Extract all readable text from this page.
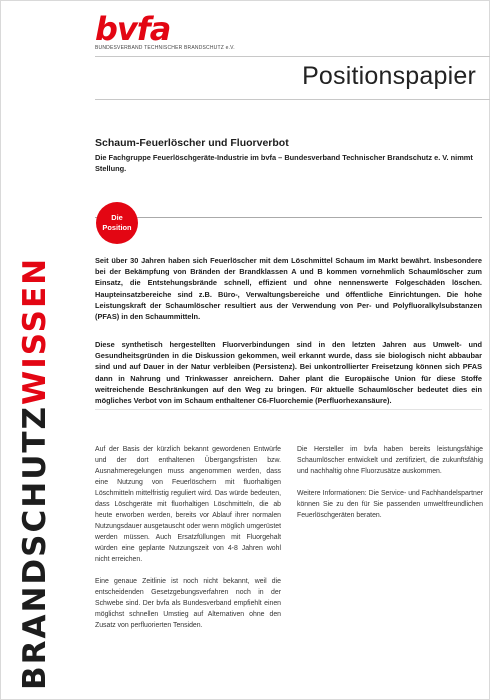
bvfa
BUNDESVERBAND TECHNISCHER BRANDSCHUTZ e.V.
Positionspapier
BRANDSCHUTZWISSEN
Schaum-Feuerlöscher und Fluorverbot
Die Fachgruppe Feuerlöschgeräte-Industrie im bvfa – Bundesverband Technischer Brandschutz e. V. nimmt Stellung.
Die
Position
Seit über 30 Jahren haben sich Feuerlöscher mit dem Löschmittel Schaum im Markt bewährt. Insbesondere bei der Bekämpfung von Bränden der Brandklassen A und B kommen vornehmlich Schaumlöscher zum Einsatz, die Entstehungsbrände schnell, effizient und ohne nennenswerte Folgeschäden löschen. Haupteinsatzbereiche sind z.B. Büro-, Verwaltungsbereiche und öffentliche Einrichtungen. Die hohe Leistungskraft der Schaumlöscher resultiert aus der Verwendung von Per- und Polyfluoralkylsubstanzen (PFAS) in den Schaummitteln.
Diese synthetisch hergestellten Fluorverbindungen sind in den letzten Jahren aus Umwelt- und Gesundheitsgründen in die Diskussion gekommen, weil erkannt wurde, dass sie biologisch nicht abbaubar sind und auf Dauer in der Natur verbleiben (Persistenz). Bei unkontrollierter Freisetzung können sich PFAS dann in Nahrung und Trinkwasser anreichern. Daher plant die Europäische Union für diese Stoffe weitreichende Beschränkungen auf den Weg zu bringen. Für aktuelle Schaumlöscher bedeutet dies ein mögliches Verbot von im Schaum enthaltener C6-Fluorchemie (Perfluorhexansäure).

Auf der Basis der kürzlich bekannt gewordenen Entwürfe und der dort enthaltenen Übergangsfristen bzw. Ausnahmeregelungen muss angenommen werden, dass eine Nutzung von Feuerlöschern mit fluorhaltigen Löschmitteln mittelfristig reguliert wird. Das würde bedeuten, dass Löschgeräte mit fluorhaltigen Löschmitteln, die ab heute erworben werden, bereits vor Ablauf ihrer normalen Nutzungsdauer ausgetauscht oder wenn möglich umgerüstet werden müssen. Auch Ersatzfüllungen mit Fluorgehalt würden eine geplante Nutzungszeit von 4-8 Jahren wohl nicht erreichen.

Eine genaue Zeitlinie ist noch nicht bekannt, weil die entscheidenden Gesetzgebungsverfahren noch in der Schwebe sind. Der bvfa als Bundesverband empfiehlt einen möglichst schnellen Umstieg auf Alternativen ohne den Zusatz von perfluorierten Tensiden.

Die Hersteller im bvfa haben bereits leistungsfähige Schaumlöscher entwickelt und zertifiziert, die zukunftsfähig und nachhaltig ohne Fluorzusätze auskommen.

Weitere Informationen: Die Service- und Fachhandelspartner können Sie zu den für Sie passenden umweltfreundlichen Feuerlöschgeräten beraten.
